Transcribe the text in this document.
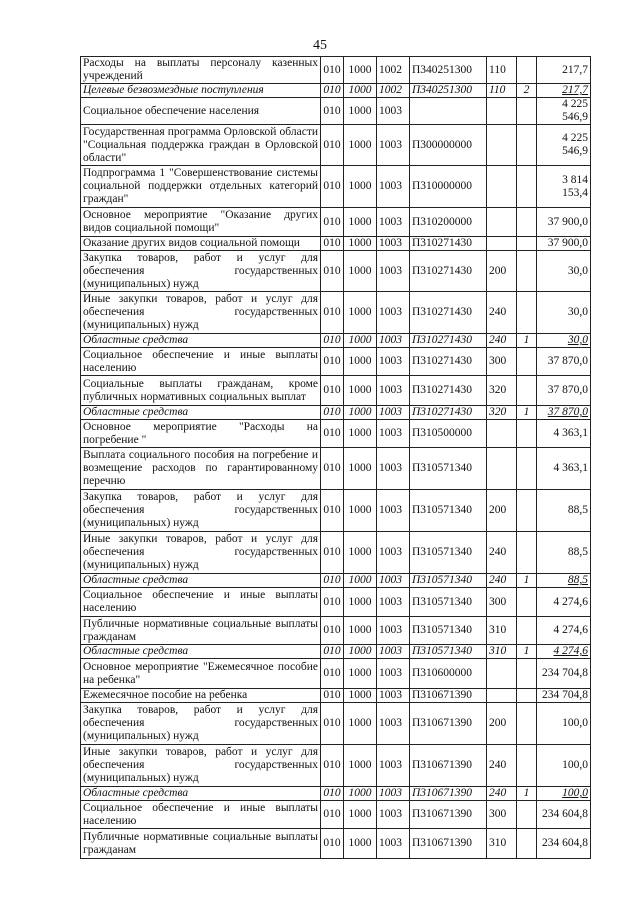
45
Расходы на выплаты персоналу казенных учреждений	010	1000	1002	П340251300	110		217,7
Целевые безвозмездные поступления	010	1000	1002	П340251300	110	2	217,7
Социальное обеспечение населения	010	1000	1003				4 225 546,9
Государственная программа Орловской области "Социальная поддержка граждан в Орловской области"	010	1000	1003	П300000000			4 225 546,9
Подпрограмма 1 "Совершенствование системы социальной поддержки отдельных категорий граждан"	010	1000	1003	П310000000			3 814 153,4
Основное мероприятие "Оказание других видов социальной помощи"	010	1000	1003	П310200000			37 900,0
Оказание других видов социальной помощи	010	1000	1003	П310271430			37 900,0
Закупка товаров, работ и услуг для обеспечения государственных (муниципальных) нужд	010	1000	1003	П310271430	200		30,0
Иные закупки товаров, работ и услуг для обеспечения государственных (муниципальных) нужд	010	1000	1003	П310271430	240		30,0
Областные средства	010	1000	1003	П310271430	240	1	30,0
Социальное обеспечение и иные выплаты населению	010	1000	1003	П310271430	300		37 870,0
Социальные выплаты гражданам, кроме публичных нормативных социальных выплат	010	1000	1003	П310271430	320		37 870,0
Областные средства	010	1000	1003	П310271430	320	1	37 870,0
Основное мероприятие "Расходы на погребение "	010	1000	1003	П310500000			4 363,1
Выплата социального пособия на погребение и возмещение расходов по гарантированному перечню	010	1000	1003	П310571340			4 363,1
Закупка товаров, работ и услуг для обеспечения государственных (муниципальных) нужд	010	1000	1003	П310571340	200		88,5
Иные закупки товаров, работ и услуг для обеспечения государственных (муниципальных) нужд	010	1000	1003	П310571340	240		88,5
Областные средства	010	1000	1003	П310571340	240	1	88,5
Социальное обеспечение и иные выплаты населению	010	1000	1003	П310571340	300		4 274,6
Публичные нормативные социальные выплаты гражданам	010	1000	1003	П310571340	310		4 274,6
Областные средства	010	1000	1003	П310571340	310	1	4 274,6
Основное мероприятие "Ежемесячное пособие на ребенка"	010	1000	1003	П310600000			234 704,8
Ежемесячное пособие на ребенка	010	1000	1003	П310671390			234 704,8
Закупка товаров, работ и услуг для обеспечения государственных (муниципальных) нужд	010	1000	1003	П310671390	200		100,0
Иные закупки товаров, работ и услуг для обеспечения государственных (муниципальных) нужд	010	1000	1003	П310671390	240		100,0
Областные средства	010	1000	1003	П310671390	240	1	100,0
Социальное обеспечение и иные выплаты населению	010	1000	1003	П310671390	300		234 604,8
Публичные нормативные социальные выплаты гражданам	010	1000	1003	П310671390	310		234 604,8
